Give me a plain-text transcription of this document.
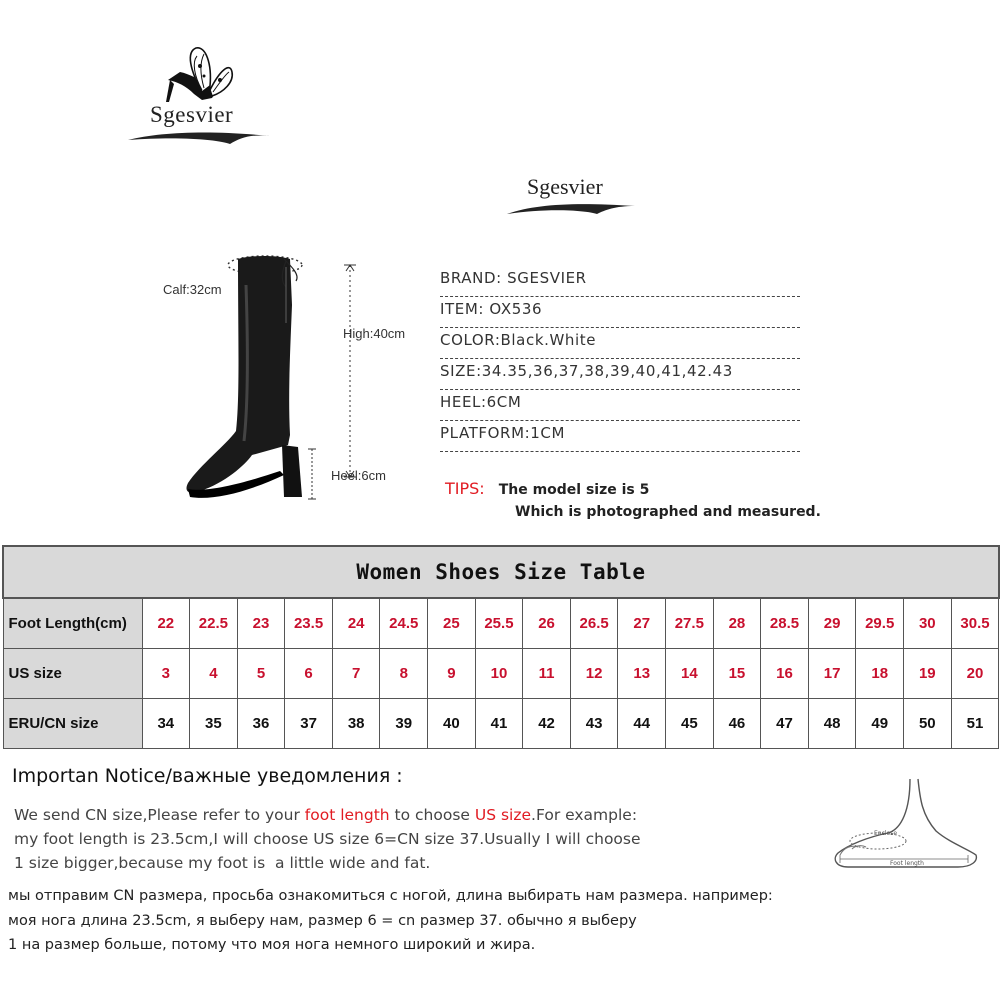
Sgesvier
Sgesvier
Calf:32cm
High:40cm
Heel:6cm
BRAND: SGESVIER
ITEM: OX536
COLOR:Black.White
SIZE:34.35,36,37,38,39,40,41,42.43
HEEL:6CM
PLATFORM:1CM
TIPS: The model size is 5
Which is photographed and measured.
Women Shoes Size Table																		
Foot Length(cm)	22	22.5	23	23.5	24	24.5	25	25.5	26	26.5	27	27.5	28	28.5	29	29.5	30	30.5
US size	3	4	5	6	7	8	9	10	11	12	13	14	15	16	17	18	19	20
ERU/CN size	34	35	36	37	38	39	40	41	42	43	44	45	46	47	48	49	50	51
Importan Notice/важные уведомления :
We send CN size,Please refer to your foot length to choose US size.For example:
my foot length is 23.5cm,I will choose US size 6=CN size 37.Usually I will choose
1 size bigger,because my foot is  a little wide and fat.
мы отправим CN размера, просьба ознакомиться с ногой, длина выбирать нам размера. например:
моя нога длина 23.5cm, я выберу нам, размер 6 = cn размер 37. обычно я выберу
1 на размер больше, потому что моя нога немного широкий и жира.
Enclose
Foot length
